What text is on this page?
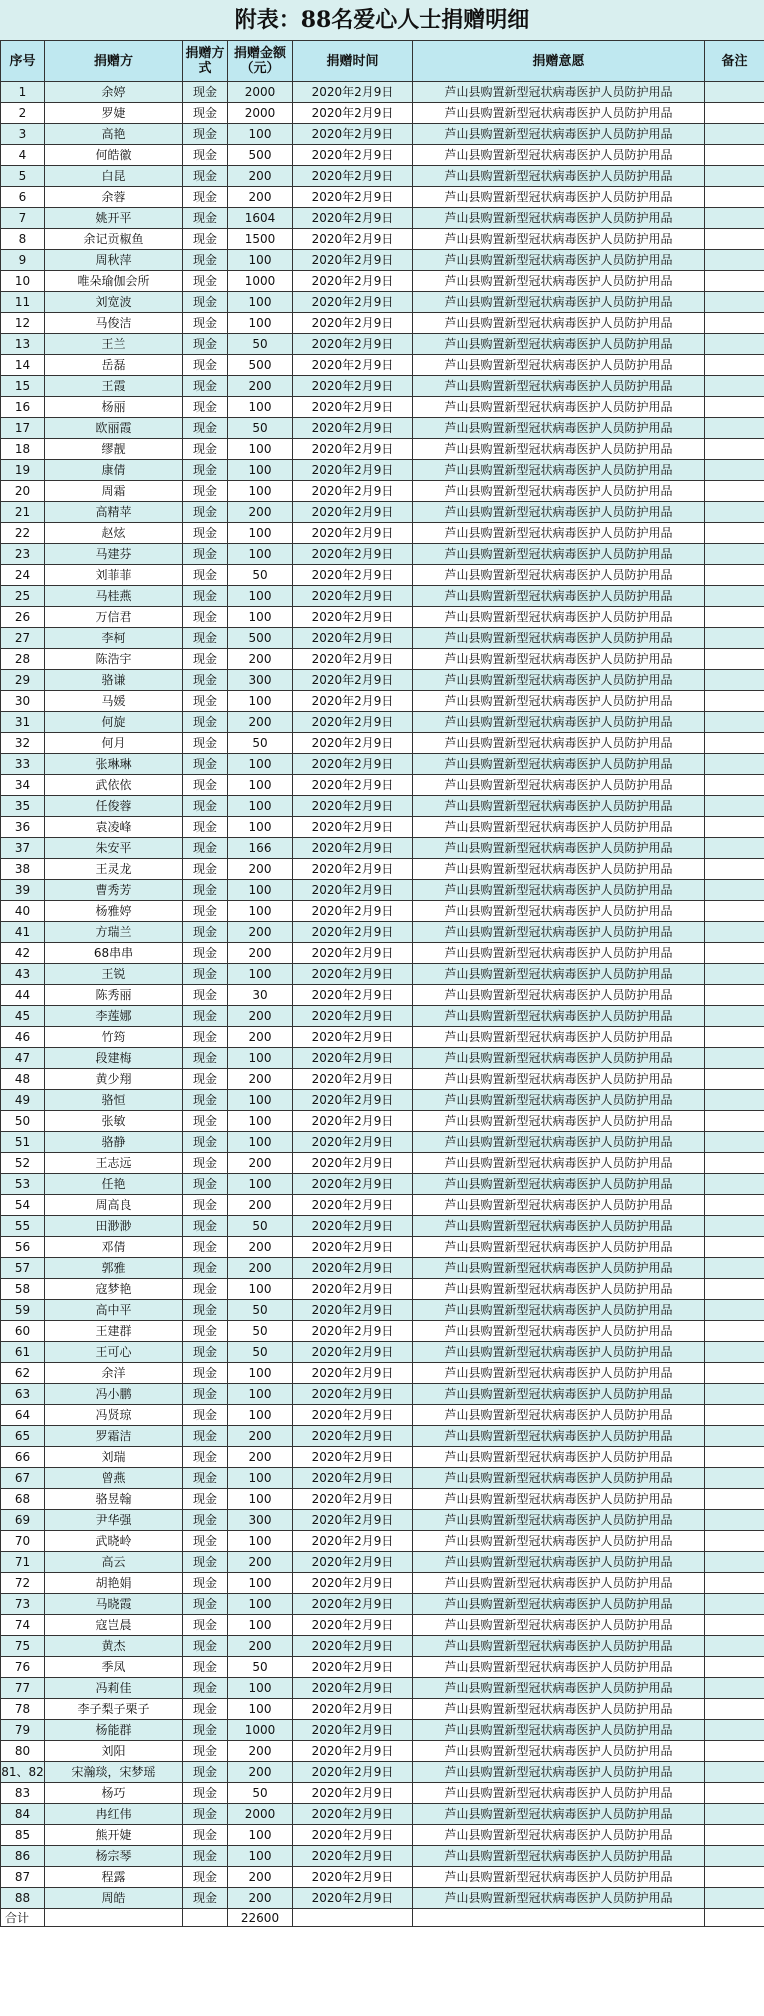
附表：88名爱心人士捐赠明细
序号	捐赠方	捐赠方式	捐赠金额（元）	捐赠时间	捐赠意愿	备注
1	余婷	现金	2000	2020年2月9日	芦山县购置新型冠状病毒医护人员防护用品	
2	罗婕	现金	2000	2020年2月9日	芦山县购置新型冠状病毒医护人员防护用品	
3	高艳	现金	100	2020年2月9日	芦山县购置新型冠状病毒医护人员防护用品	
4	何皓徽	现金	500	2020年2月9日	芦山县购置新型冠状病毒医护人员防护用品	
5	白昆	现金	200	2020年2月9日	芦山县购置新型冠状病毒医护人员防护用品	
6	余蓉	现金	200	2020年2月9日	芦山县购置新型冠状病毒医护人员防护用品	
7	姚开平	现金	1604	2020年2月9日	芦山县购置新型冠状病毒医护人员防护用品	
8	余记贡椒鱼	现金	1500	2020年2月9日	芦山县购置新型冠状病毒医护人员防护用品	
9	周秋萍	现金	100	2020年2月9日	芦山县购置新型冠状病毒医护人员防护用品	
10	唯朵瑜伽会所	现金	1000	2020年2月9日	芦山县购置新型冠状病毒医护人员防护用品	
11	刘宽波	现金	100	2020年2月9日	芦山县购置新型冠状病毒医护人员防护用品	
12	马俊洁	现金	100	2020年2月9日	芦山县购置新型冠状病毒医护人员防护用品	
13	王兰	现金	50	2020年2月9日	芦山县购置新型冠状病毒医护人员防护用品	
14	岳磊	现金	500	2020年2月9日	芦山县购置新型冠状病毒医护人员防护用品	
15	王霞	现金	200	2020年2月9日	芦山县购置新型冠状病毒医护人员防护用品	
16	杨丽	现金	100	2020年2月9日	芦山县购置新型冠状病毒医护人员防护用品	
17	欧丽霞	现金	50	2020年2月9日	芦山县购置新型冠状病毒医护人员防护用品	
18	缪靓	现金	100	2020年2月9日	芦山县购置新型冠状病毒医护人员防护用品	
19	康倩	现金	100	2020年2月9日	芦山县购置新型冠状病毒医护人员防护用品	
20	周霜	现金	100	2020年2月9日	芦山县购置新型冠状病毒医护人员防护用品	
21	高精苹	现金	200	2020年2月9日	芦山县购置新型冠状病毒医护人员防护用品	
22	赵炫	现金	100	2020年2月9日	芦山县购置新型冠状病毒医护人员防护用品	
23	马建芬	现金	100	2020年2月9日	芦山县购置新型冠状病毒医护人员防护用品	
24	刘菲菲	现金	50	2020年2月9日	芦山县购置新型冠状病毒医护人员防护用品	
25	马桂燕	现金	100	2020年2月9日	芦山县购置新型冠状病毒医护人员防护用品	
26	万信君	现金	100	2020年2月9日	芦山县购置新型冠状病毒医护人员防护用品	
27	李柯	现金	500	2020年2月9日	芦山县购置新型冠状病毒医护人员防护用品	
28	陈浩宇	现金	200	2020年2月9日	芦山县购置新型冠状病毒医护人员防护用品	
29	骆谦	现金	300	2020年2月9日	芦山县购置新型冠状病毒医护人员防护用品	
30	马媛	现金	100	2020年2月9日	芦山县购置新型冠状病毒医护人员防护用品	
31	何旋	现金	200	2020年2月9日	芦山县购置新型冠状病毒医护人员防护用品	
32	何月	现金	50	2020年2月9日	芦山县购置新型冠状病毒医护人员防护用品	
33	张琳琳	现金	100	2020年2月9日	芦山县购置新型冠状病毒医护人员防护用品	
34	武依依	现金	100	2020年2月9日	芦山县购置新型冠状病毒医护人员防护用品	
35	任俊蓉	现金	100	2020年2月9日	芦山县购置新型冠状病毒医护人员防护用品	
36	袁凌峰	现金	100	2020年2月9日	芦山县购置新型冠状病毒医护人员防护用品	
37	朱安平	现金	166	2020年2月9日	芦山县购置新型冠状病毒医护人员防护用品	
38	王灵龙	现金	200	2020年2月9日	芦山县购置新型冠状病毒医护人员防护用品	
39	曹秀芳	现金	100	2020年2月9日	芦山县购置新型冠状病毒医护人员防护用品	
40	杨雅婷	现金	100	2020年2月9日	芦山县购置新型冠状病毒医护人员防护用品	
41	方瑞兰	现金	200	2020年2月9日	芦山县购置新型冠状病毒医护人员防护用品	
42	68串串	现金	200	2020年2月9日	芦山县购置新型冠状病毒医护人员防护用品	
43	王锐	现金	100	2020年2月9日	芦山县购置新型冠状病毒医护人员防护用品	
44	陈秀丽	现金	30	2020年2月9日	芦山县购置新型冠状病毒医护人员防护用品	
45	李莲娜	现金	200	2020年2月9日	芦山县购置新型冠状病毒医护人员防护用品	
46	竹筠	现金	200	2020年2月9日	芦山县购置新型冠状病毒医护人员防护用品	
47	段建梅	现金	100	2020年2月9日	芦山县购置新型冠状病毒医护人员防护用品	
48	黄少翔	现金	200	2020年2月9日	芦山县购置新型冠状病毒医护人员防护用品	
49	骆恒	现金	100	2020年2月9日	芦山县购置新型冠状病毒医护人员防护用品	
50	张敏	现金	100	2020年2月9日	芦山县购置新型冠状病毒医护人员防护用品	
51	骆静	现金	100	2020年2月9日	芦山县购置新型冠状病毒医护人员防护用品	
52	王志远	现金	200	2020年2月9日	芦山县购置新型冠状病毒医护人员防护用品	
53	任艳	现金	100	2020年2月9日	芦山县购置新型冠状病毒医护人员防护用品	
54	周高良	现金	200	2020年2月9日	芦山县购置新型冠状病毒医护人员防护用品	
55	田渺渺	现金	50	2020年2月9日	芦山县购置新型冠状病毒医护人员防护用品	
56	邓倩	现金	200	2020年2月9日	芦山县购置新型冠状病毒医护人员防护用品	
57	郭雅	现金	200	2020年2月9日	芦山县购置新型冠状病毒医护人员防护用品	
58	寇梦艳	现金	100	2020年2月9日	芦山县购置新型冠状病毒医护人员防护用品	
59	高中平	现金	50	2020年2月9日	芦山县购置新型冠状病毒医护人员防护用品	
60	王建群	现金	50	2020年2月9日	芦山县购置新型冠状病毒医护人员防护用品	
61	王可心	现金	50	2020年2月9日	芦山县购置新型冠状病毒医护人员防护用品	
62	余洋	现金	100	2020年2月9日	芦山县购置新型冠状病毒医护人员防护用品	
63	冯小鹏	现金	100	2020年2月9日	芦山县购置新型冠状病毒医护人员防护用品	
64	冯贤琼	现金	100	2020年2月9日	芦山县购置新型冠状病毒医护人员防护用品	
65	罗霜洁	现金	200	2020年2月9日	芦山县购置新型冠状病毒医护人员防护用品	
66	刘瑞	现金	200	2020年2月9日	芦山县购置新型冠状病毒医护人员防护用品	
67	曾燕	现金	100	2020年2月9日	芦山县购置新型冠状病毒医护人员防护用品	
68	骆昱翰	现金	100	2020年2月9日	芦山县购置新型冠状病毒医护人员防护用品	
69	尹华强	现金	300	2020年2月9日	芦山县购置新型冠状病毒医护人员防护用品	
70	武晓岭	现金	100	2020年2月9日	芦山县购置新型冠状病毒医护人员防护用品	
71	高云	现金	200	2020年2月9日	芦山县购置新型冠状病毒医护人员防护用品	
72	胡艳娟	现金	100	2020年2月9日	芦山县购置新型冠状病毒医护人员防护用品	
73	马晓霞	现金	100	2020年2月9日	芦山县购置新型冠状病毒医护人员防护用品	
74	寇岂晨	现金	100	2020年2月9日	芦山县购置新型冠状病毒医护人员防护用品	
75	黄杰	现金	200	2020年2月9日	芦山县购置新型冠状病毒医护人员防护用品	
76	季凤	现金	50	2020年2月9日	芦山县购置新型冠状病毒医护人员防护用品	
77	冯莉佳	现金	100	2020年2月9日	芦山县购置新型冠状病毒医护人员防护用品	
78	李子梨子栗子	现金	100	2020年2月9日	芦山县购置新型冠状病毒医护人员防护用品	
79	杨能群	现金	1000	2020年2月9日	芦山县购置新型冠状病毒医护人员防护用品	
80	刘阳	现金	200	2020年2月9日	芦山县购置新型冠状病毒医护人员防护用品	
81、82	宋瀚琰，宋梦瑶	现金	200	2020年2月9日	芦山县购置新型冠状病毒医护人员防护用品	
83	杨巧	现金	50	2020年2月9日	芦山县购置新型冠状病毒医护人员防护用品	
84	冉红伟	现金	2000	2020年2月9日	芦山县购置新型冠状病毒医护人员防护用品	
85	熊开婕	现金	100	2020年2月9日	芦山县购置新型冠状病毒医护人员防护用品	
86	杨宗琴	现金	100	2020年2月9日	芦山县购置新型冠状病毒医护人员防护用品	
87	程露	现金	200	2020年2月9日	芦山县购置新型冠状病毒医护人员防护用品	
88	周皓	现金	200	2020年2月9日	芦山县购置新型冠状病毒医护人员防护用品	
合计			22600			
